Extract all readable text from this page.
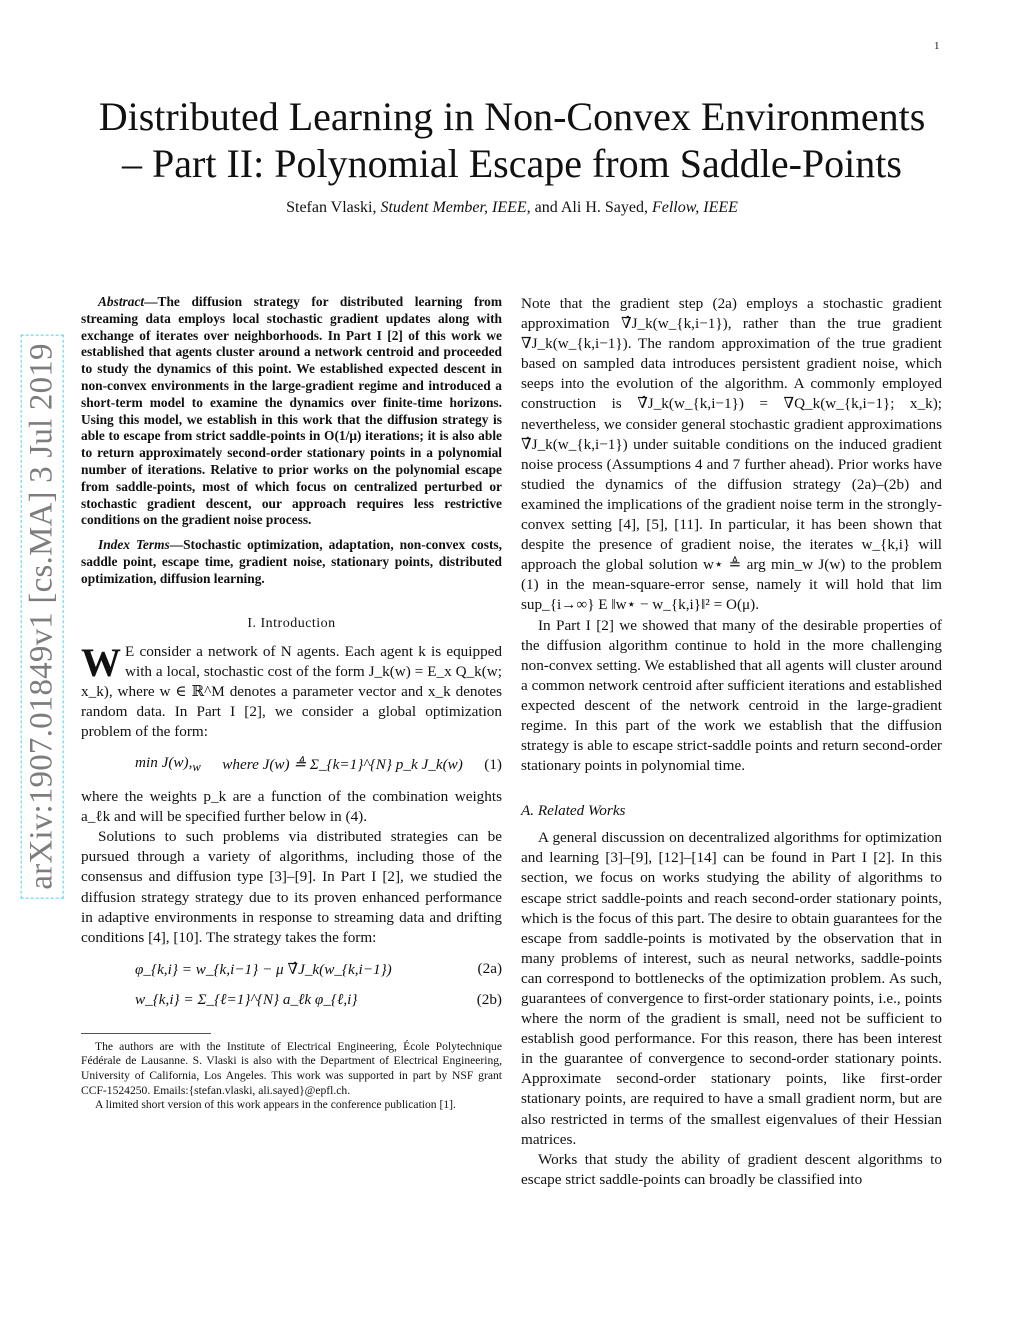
1
arXiv:1907.01849v1 [cs.MA] 3 Jul 2019
Distributed Learning in Non-Convex Environments
– Part II: Polynomial Escape from Saddle-Points
Stefan Vlaski, Student Member, IEEE, and Ali H. Sayed, Fellow, IEEE

Abstract—The diffusion strategy for distributed learning from streaming data employs local stochastic gradient updates along with exchange of iterates over neighborhoods. In Part I [2] of this work we established that agents cluster around a network centroid and proceeded to study the dynamics of this point. We established expected descent in non-convex environments in the large-gradient regime and introduced a short-term model to examine the dynamics over finite-time horizons. Using this model, we establish in this work that the diffusion strategy is able to escape from strict saddle-points in O(1/μ) iterations; it is also able to return approximately second-order stationary points in a polynomial number of iterations. Relative to prior works on the polynomial escape from saddle-points, most of which focus on centralized perturbed or stochastic gradient descent, our approach requires less restrictive conditions on the gradient noise process.

Index Terms—Stochastic optimization, adaptation, non-convex costs, saddle point, escape time, gradient noise, stationary points, distributed optimization, diffusion learning.

I. Introduction

W E consider a network of N agents. Each agent k is equipped with a local, stochastic cost of the form J_k(w) = E_x Q_k(w; x_k), where w ∈ ℝ^M denotes a parameter vector and x_k denotes random data. In Part I [2], we consider a global optimization problem of the form:

$\min J(w),_w$ where J(w) ≜ Σ_{k=1}^{N} p_k J_k(w) (1)

where the weights p_k are a function of the combination weights a_ℓk and will be specified further below in (4).

Solutions to such problems via distributed strategies can be pursued through a variety of algorithms, including those of the consensus and diffusion type [3]–[9]. In Part I [2], we studied the diffusion strategy strategy due to its proven enhanced performance in adaptive environments in response to streaming data and drifting conditions [4], [10]. The strategy takes the form:

φ_{k,i} = w_{k,i−1} − μ ∇̂J_k(w_{k,i−1})	(2a)
w_{k,i} = Σ_{ℓ=1}^{N} a_ℓk φ_{ℓ,i}	(2b)

The authors are with the Institute of Electrical Engineering, École Polytechnique Fédérale de Lausanne. S. Vlaski is also with the Department of Electrical Engineering, University of California, Los Angeles. This work was supported in part by NSF grant CCF-1524250. Emails:{stefan.vlaski, ali.sayed}@epfl.ch.

A limited short version of this work appears in the conference publication [1].

Note that the gradient step (2a) employs a stochastic gradient approximation ∇̂J_k(w_{k,i−1}), rather than the true gradient ∇J_k(w_{k,i−1}). The random approximation of the true gradient based on sampled data introduces persistent gradient noise, which seeps into the evolution of the algorithm. A commonly employed construction is ∇̂J_k(w_{k,i−1}) = ∇Q_k(w_{k,i−1}; x_k); nevertheless, we consider general stochastic gradient approximations ∇̂J_k(w_{k,i−1}) under suitable conditions on the induced gradient noise process (Assumptions 4 and 7 further ahead). Prior works have studied the dynamics of the diffusion strategy (2a)–(2b) and examined the implications of the gradient noise term in the strongly-convex setting [4], [5], [11]. In particular, it has been shown that despite the presence of gradient noise, the iterates w_{k,i} will approach the global solution w⋆ ≜ arg min_w J(w) to the problem (1) in the mean-square-error sense, namely it will hold that lim sup_{i→∞} E ‖w⋆ − w_{k,i}‖² = O(μ).

In Part I [2] we showed that many of the desirable properties of the diffusion algorithm continue to hold in the more challenging non-convex setting. We established that all agents will cluster around a common network centroid after sufficient iterations and established expected descent of the network centroid in the large-gradient regime. In this part of the work we establish that the diffusion strategy is able to escape strict-saddle points and return second-order stationary points in polynomial time.

A. Related Works

A general discussion on decentralized algorithms for optimization and learning [3]–[9], [12]–[14] can be found in Part I [2]. In this section, we focus on works studying the ability of algorithms to escape strict saddle-points and reach second-order stationary points, which is the focus of this part. The desire to obtain guarantees for the escape from saddle-points is motivated by the observation that in many problems of interest, such as neural networks, saddle-points can correspond to bottlenecks of the optimization problem. As such, guarantees of convergence to first-order stationary points, i.e., points where the norm of the gradient is small, need not be sufficient to establish good performance. For this reason, there has been interest in the guarantee of convergence to second-order stationary points. Approximate second-order stationary points, like first-order stationary points, are required to have a small gradient norm, but are also restricted in terms of the smallest eigenvalues of their Hessian matrices.

Works that study the ability of gradient descent algorithms to escape strict saddle-points can broadly be classified into
